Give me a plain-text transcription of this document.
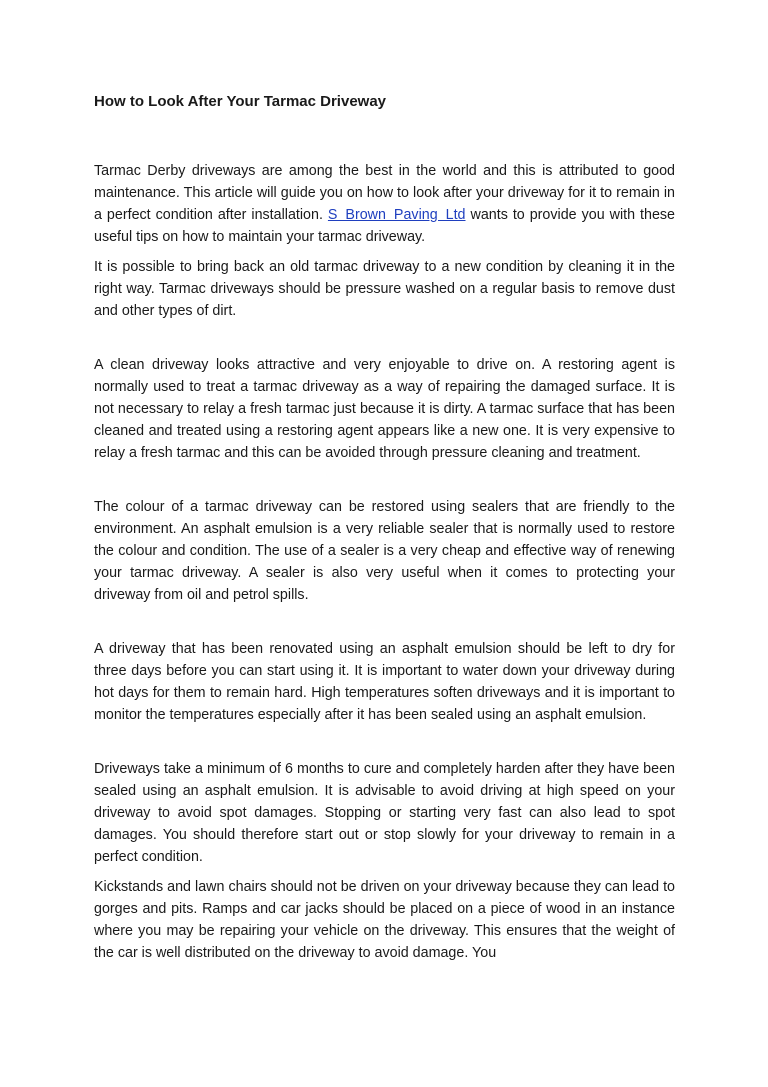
How to Look After Your Tarmac Driveway

Tarmac Derby driveways are among the best in the world and this is attributed to good maintenance. This article will guide you on how to look after your driveway for it to remain in a perfect condition after installation. S Brown Paving Ltd wants to provide you with these useful tips on how to maintain your tarmac driveway.

It is possible to bring back an old tarmac driveway to a new condition by cleaning it in the right way. Tarmac driveways should be pressure washed on a regular basis to remove dust and other types of dirt.

A clean driveway looks attractive and very enjoyable to drive on. A restoring agent is normally used to treat a tarmac driveway as a way of repairing the damaged surface. It is not necessary to relay a fresh tarmac just because it is dirty. A tarmac surface that has been cleaned and treated using a restoring agent appears like a new one. It is very expensive to relay a fresh tarmac and this can be avoided through pressure cleaning and treatment.

The colour of a tarmac driveway can be restored using sealers that are friendly to the environment. An asphalt emulsion is a very reliable sealer that is normally used to restore the colour and condition. The use of a sealer is a very cheap and effective way of renewing your tarmac driveway. A sealer is also very useful when it comes to protecting your driveway from oil and petrol spills.

A driveway that has been renovated using an asphalt emulsion should be left to dry for three days before you can start using it. It is important to water down your driveway during hot days for them to remain hard. High temperatures soften driveways and it is important to monitor the temperatures especially after it has been sealed using an asphalt emulsion.

Driveways take a minimum of 6 months to cure and completely harden after they have been sealed using an asphalt emulsion. It is advisable to avoid driving at high speed on your driveway to avoid spot damages. Stopping or starting very fast can also lead to spot damages. You should therefore start out or stop slowly for your driveway to remain in a perfect condition.

Kickstands and lawn chairs should not be driven on your driveway because they can lead to gorges and pits. Ramps and car jacks should be placed on a piece of wood in an instance where you may be repairing your vehicle on the driveway. This ensures that the weight of the car is well distributed on the driveway to avoid damage. You
